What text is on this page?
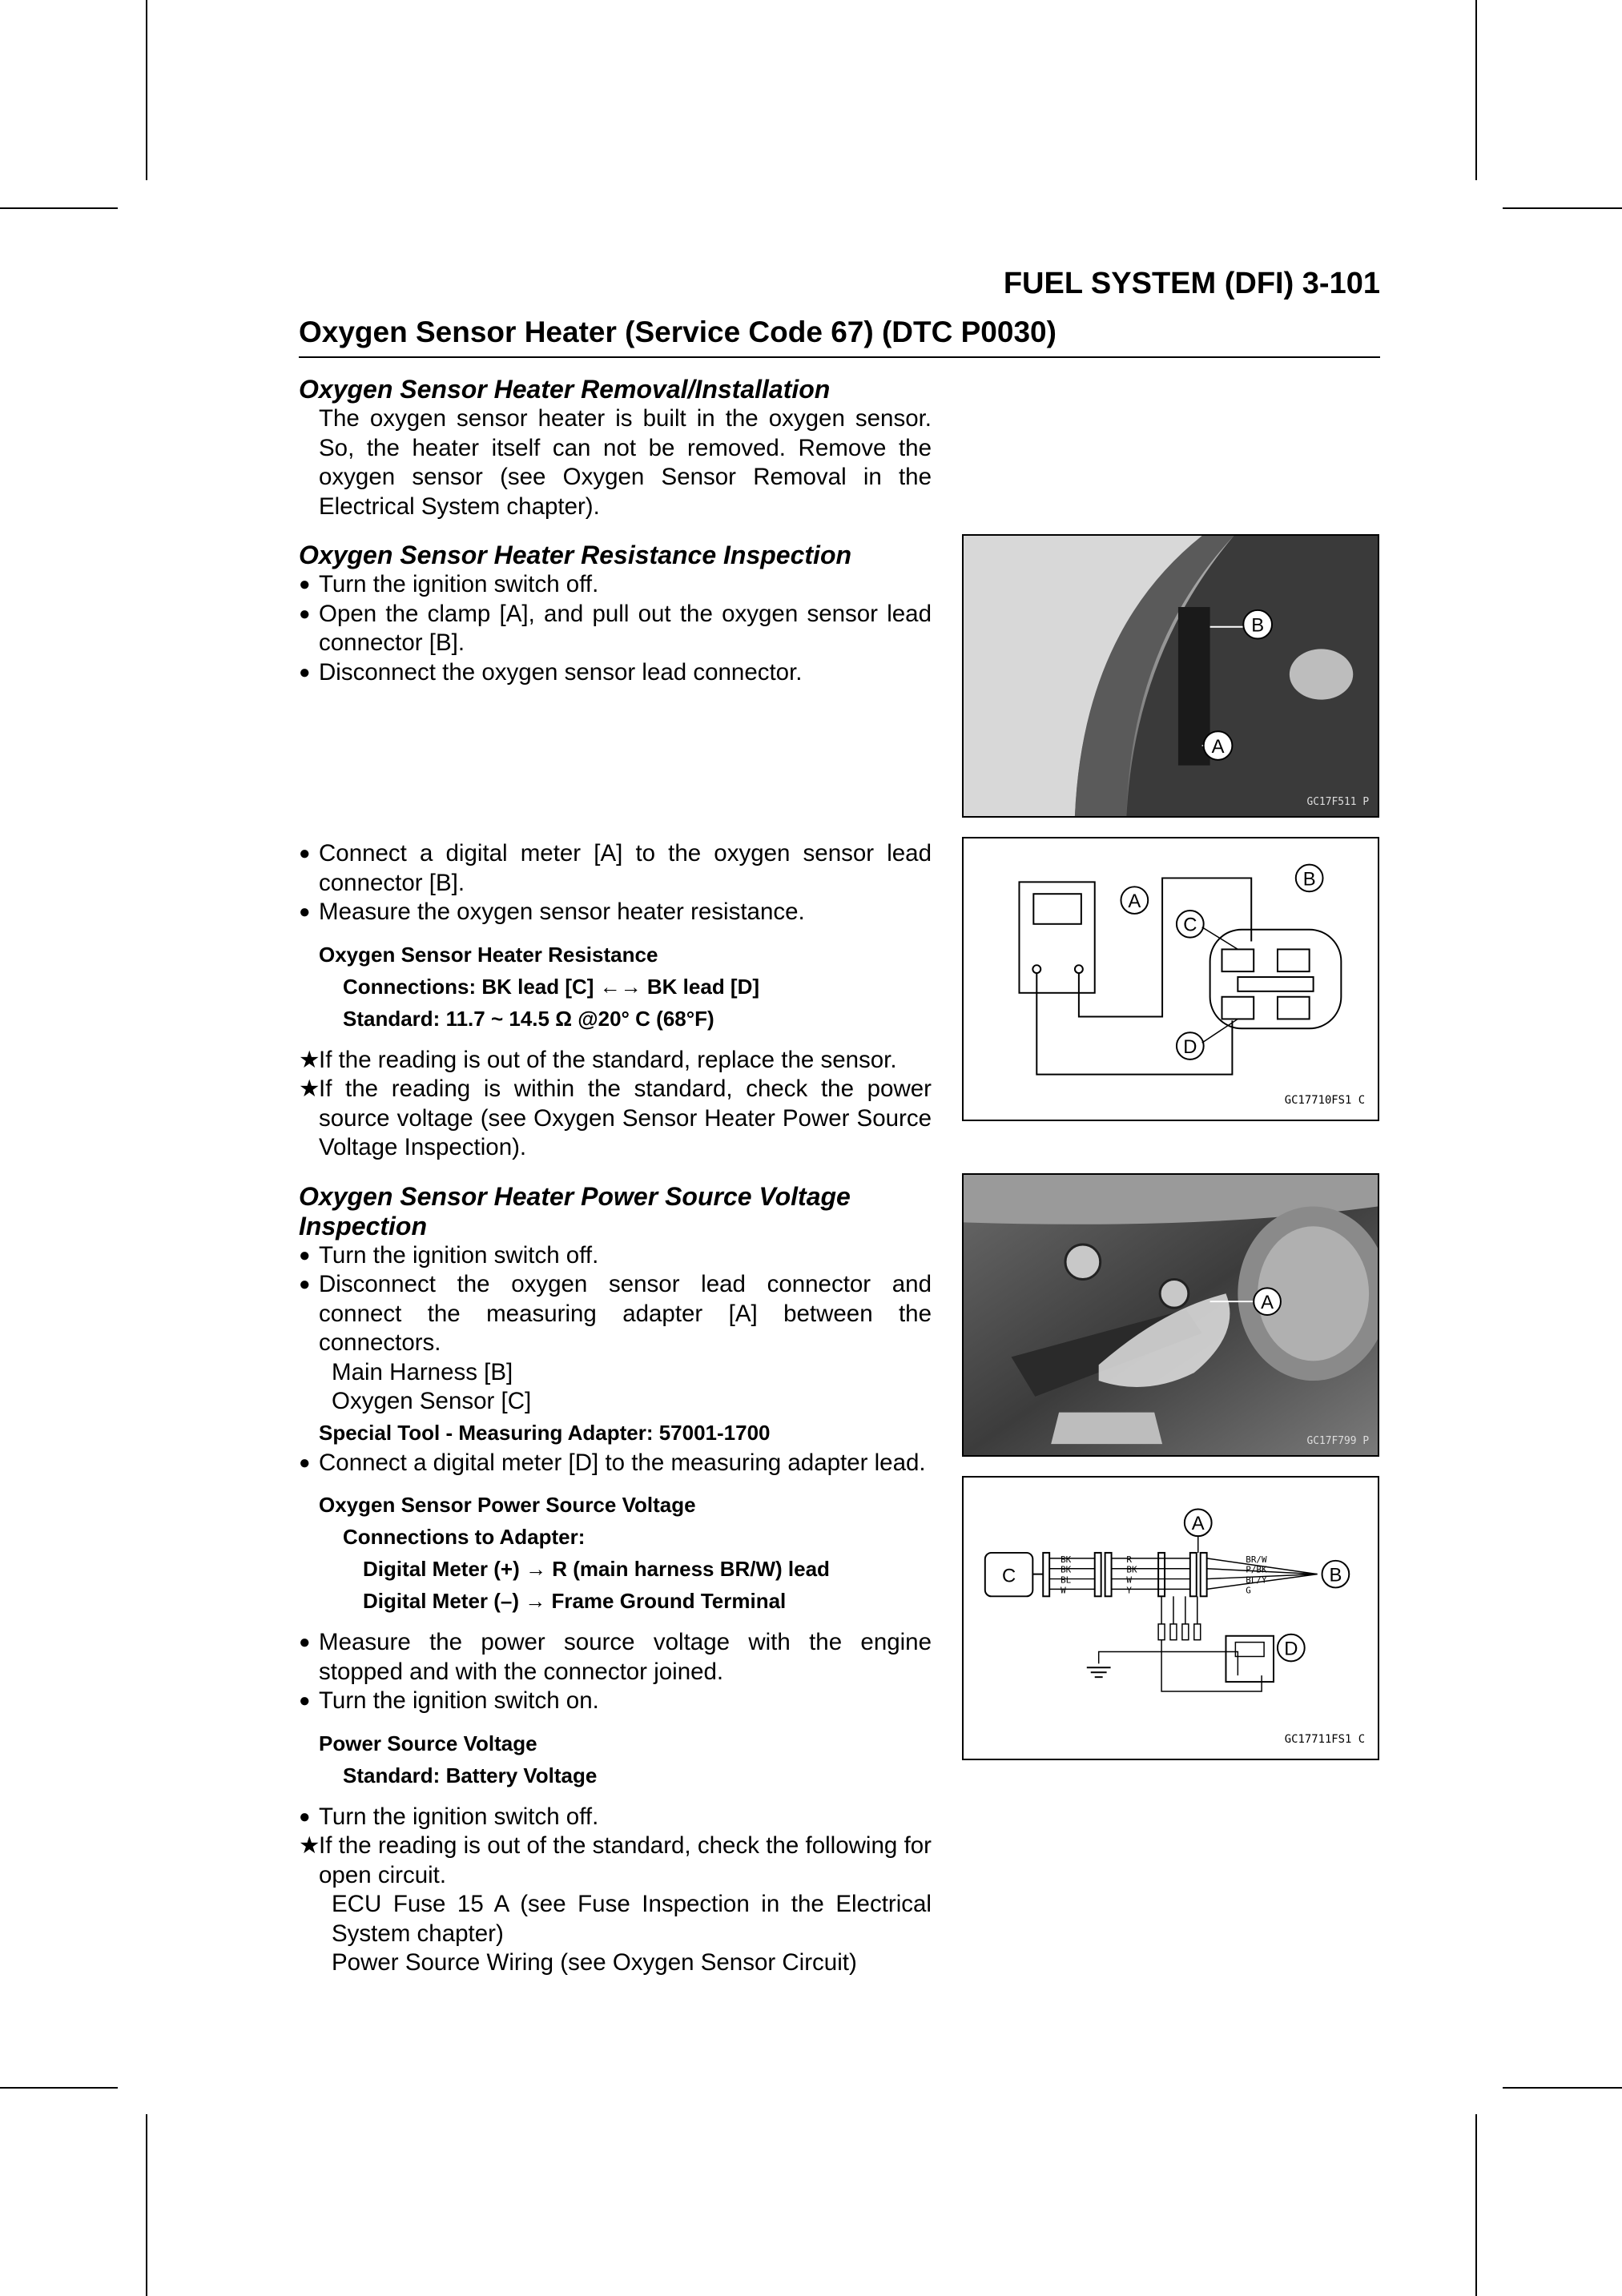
FUEL SYSTEM (DFI) 3-101
Oxygen Sensor Heater (Service Code 67) (DTC P0030)

Oxygen Sensor Heater Removal/Installation

The oxygen sensor heater is built in the oxygen sensor. So, the heater itself can not be removed. Remove the oxygen sensor (see Oxygen Sensor Removal in the Electrical System chapter).

Oxygen Sensor Heater Resistance Inspection

● Turn the ignition switch off.

● Open the clamp [A], and pull out the oxygen sensor lead connector [B].

● Disconnect the oxygen sensor lead connector.

● Connect a digital meter [A] to the oxygen sensor lead connector [B].

● Measure the oxygen sensor heater resistance.

Oxygen Sensor Heater Resistance
Connections: BK lead [C] ←→ BK lead [D]
Standard: 11.7 ~ 14.5 Ω @20° C (68°F)

★
If the reading is out of the standard, replace the sensor.

★
If the reading is within the standard, check the power source voltage (see Oxygen Sensor Heater Power Source Voltage Inspection).

Oxygen Sensor Heater Power Source Voltage Inspection

● Turn the ignition switch off.

● Disconnect the oxygen sensor lead connector and connect the measuring adapter [A] between the connectors.

Main Harness [B]

Oxygen Sensor [C]

Special Tool - Measuring Adapter: 57001-1700

● Connect a digital meter [D] to the measuring adapter lead.

Oxygen Sensor Power Source Voltage
Connections to Adapter:
Digital Meter (+) → R (main harness BR/W) lead
Digital Meter (–) → Frame Ground Terminal

● Measure the power source voltage with the engine stopped and with the connector joined.

● Turn the ignition switch on.

Power Source Voltage
Standard: Battery Voltage

● Turn the ignition switch off.

★
If the reading is out of the standard, check the following for open circuit.

ECU Fuse 15 A (see Fuse Inspection in the Electrical System chapter)

Power Source Wiring (see Oxygen Sensor Circuit)

B
A
GC17F511 P
A
B
C
D
GC17710FS1 C
A
GC17F799 P
C
BK
BK
BL
W
R
BK
W
Y
BR/W
P/BK
BL/Y
G
B
A
D
GC17711FS1 C
